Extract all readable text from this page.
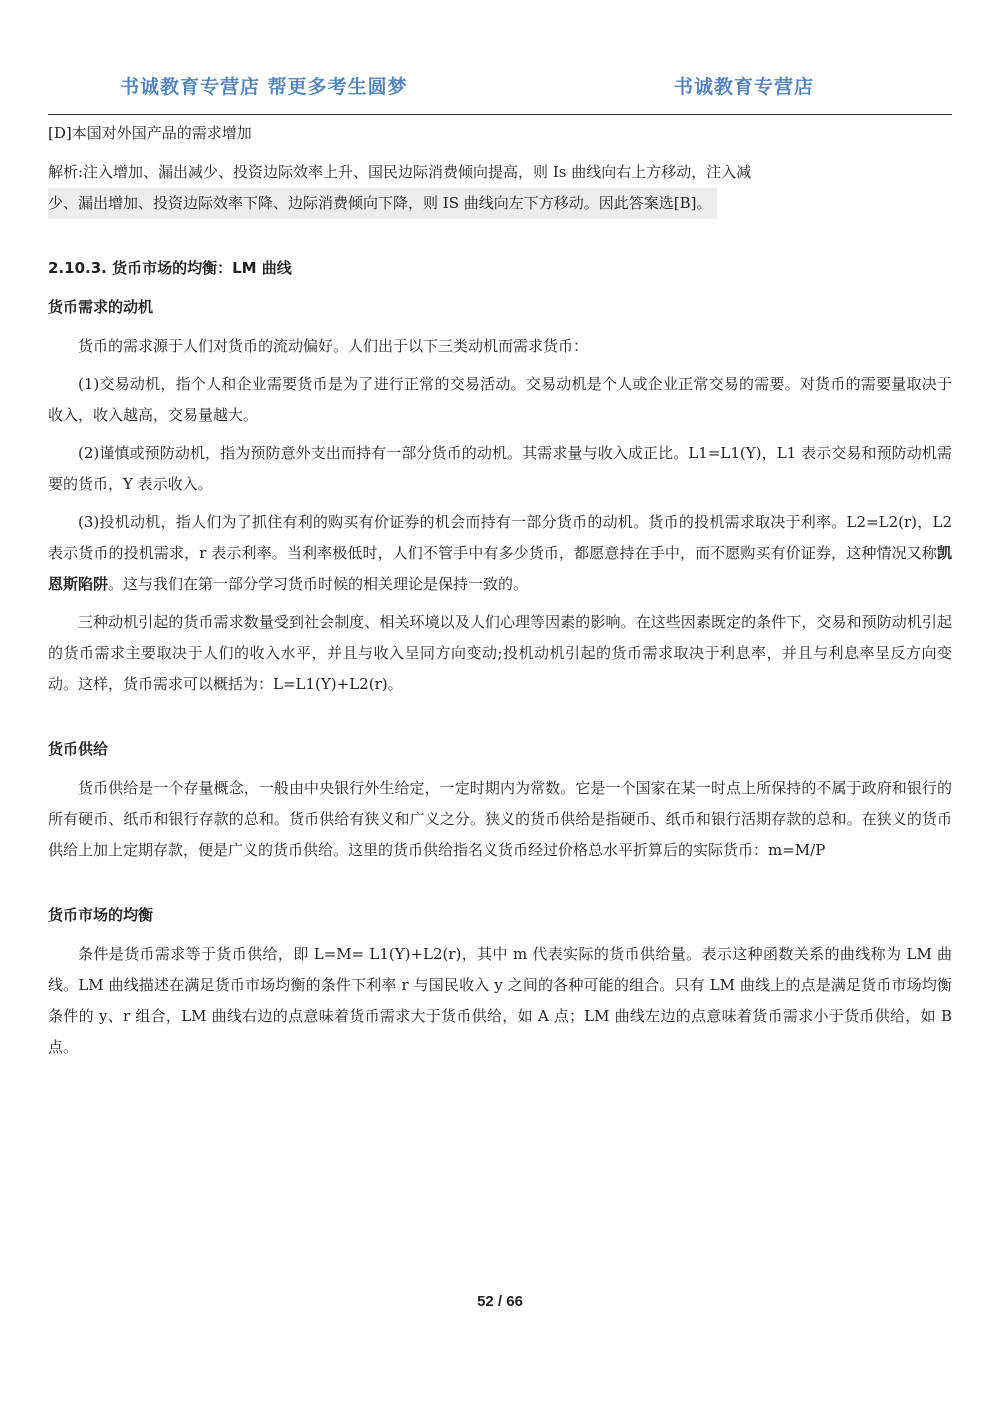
书诚教育专营店 帮更多考生圆梦	书诚教育专营店
[D]本国对外国产品的需求增加
解析:注入增加、漏出减少、投资边际效率上升、国民边际消费倾向提高，则 Is 曲线向右上方移动，注入减
少、漏出增加、投资边际效率下降、边际消费倾向下降，则 IS 曲线向左下方移动。因此答案选[B]。
2.10.3. 货币市场的均衡：LM 曲线
货币需求的动机

货币的需求源于人们对货币的流动偏好。人们出于以下三类动机而需求货币：

(1)交易动机，指个人和企业需要货币是为了进行正常的交易活动。交易动机是个人或企业正常交易的需要。对货币的需要量取决于收入，收入越高，交易量越大。

(2)谨慎或预防动机，指为预防意外支出而持有一部分货币的动机。其需求量与收入成正比。L1=L1(Y)，L1 表示交易和预防动机需要的货币，Y 表示收入。

(3)投机动机，指人们为了抓住有利的购买有价证券的机会而持有一部分货币的动机。货币的投机需求取决于利率。L2=L2(r)，L2 表示货币的投机需求，r 表示利率。当利率极低时，人们不管手中有多少货币，都愿意持在手中，而不愿购买有价证券，这种情况又称凯恩斯陷阱。这与我们在第一部分学习货币时候的相关理论是保持一致的。

三种动机引起的货币需求数量受到社会制度、相关环境以及人们心理等因素的影响。在这些因素既定的条件下，交易和预防动机引起的货币需求主要取决于人们的收入水平，并且与收入呈同方向变动;投机动机引起的货币需求取决于利息率，并且与利息率呈反方向变动。这样，货币需求可以概括为：L=L1(Y)+L2(r)。

货币供给

货币供给是一个存量概念，一般由中央银行外生给定，一定时期内为常数。它是一个国家在某一时点上所保持的不属于政府和银行的所有硬币、纸币和银行存款的总和。货币供给有狭义和广义之分。狭义的货币供给是指硬币、纸币和银行活期存款的总和。在狭义的货币供给上加上定期存款，便是广义的货币供给。这里的货币供给指名义货币经过价格总水平折算后的实际货币：m=M/P

货币市场的均衡

条件是货币需求等于货币供给，即 L=M= L1(Y)+L2(r)，其中 m 代表实际的货币供给量。表示这种函数关系的曲线称为 LM 曲线。LM 曲线描述在满足货币市场均衡的条件下利率 r 与国民收入 y 之间的各种可能的组合。只有 LM 曲线上的点是满足货币市场均衡条件的 y、r 组合，LM 曲线右边的点意味着货币需求大于货币供给，如 A 点；LM 曲线左边的点意味着货币需求小于货币供给，如 B 点。

52 / 66
